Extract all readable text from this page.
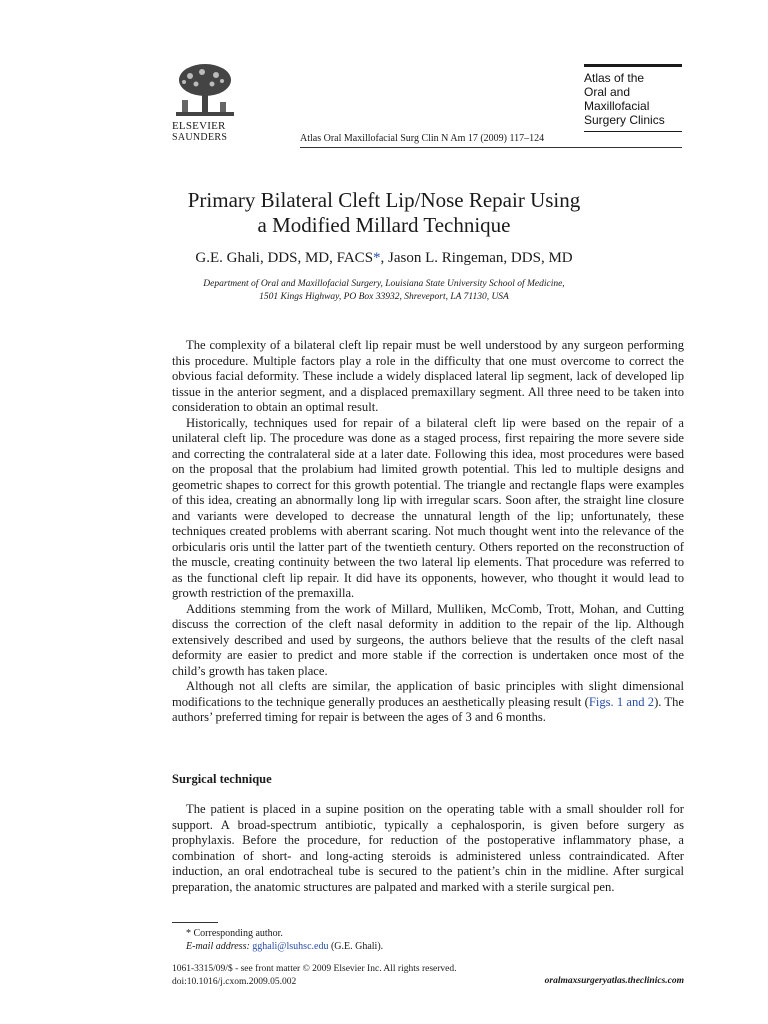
ELSEVIER
SAUNDERS	Atlas Oral Maxillofacial Surg Clin N Am 17 (2009) 117–124
Atlas of the
Oral and
Maxillofacial
Surgery Clinics
Primary Bilateral Cleft Lip/Nose Repair Using
a Modified Millard Technique
G.E. Ghali, DDS, MD, FACS*, Jason L. Ringeman, DDS, MD
Department of Oral and Maxillofacial Surgery, Louisiana State University School of Medicine,
1501 Kings Highway, PO Box 33932, Shreveport, LA 71130, USA

The complexity of a bilateral cleft lip repair must be well understood by any surgeon performing this procedure. Multiple factors play a role in the difficulty that one must overcome to correct the obvious facial deformity. These include a widely displaced lateral lip segment, lack of developed lip tissue in the anterior segment, and a displaced premaxillary segment. All three need to be taken into consideration to obtain an optimal result.

Historically, techniques used for repair of a bilateral cleft lip were based on the repair of a unilateral cleft lip. The procedure was done as a staged process, first repairing the more severe side and correcting the contralateral side at a later date. Following this idea, most procedures were based on the proposal that the prolabium had limited growth potential. This led to multiple designs and geometric shapes to correct for this growth potential. The triangle and rectangle flaps were examples of this idea, creating an abnormally long lip with irregular scars. Soon after, the straight line closure and variants were developed to decrease the unnatural length of the lip; unfortunately, these techniques created problems with aberrant scaring. Not much thought went into the relevance of the orbicularis oris until the latter part of the twentieth century. Others reported on the reconstruction of the muscle, creating continuity between the two lateral lip elements. That procedure was referred to as the functional cleft lip repair. It did have its opponents, however, who thought it would lead to growth restriction of the premaxilla.

Additions stemming from the work of Millard, Mulliken, McComb, Trott, Mohan, and Cutting discuss the correction of the cleft nasal deformity in addition to the repair of the lip. Although extensively described and used by surgeons, the authors believe that the results of the cleft nasal deformity are easier to predict and more stable if the correction is undertaken once most of the child’s growth has taken place.

Although not all clefts are similar, the application of basic principles with slight dimensional modifications to the technique generally produces an aesthetically pleasing result (Figs. 1 and 2). The authors’ preferred timing for repair is between the ages of 3 and 6 months.

Surgical technique

The patient is placed in a supine position on the operating table with a small shoulder roll for support. A broad-spectrum antibiotic, typically a cephalosporin, is given before surgery as prophylaxis. Before the procedure, for reduction of the postoperative inflammatory phase, a combination of short- and long-acting steroids is administered unless contraindicated. After induction, an oral endotracheal tube is secured to the patient’s chin in the midline. After surgical preparation, the anatomic structures are palpated and marked with a sterile surgical pen.

* Corresponding author.
E-mail address: gghali@lsuhsc.edu (G.E. Ghali).
1061-3315/09/$ - see front matter © 2009 Elsevier Inc. All rights reserved.
doi:10.1016/j.cxom.2009.05.002	oralmaxsurgeryatlas.theclinics.com
